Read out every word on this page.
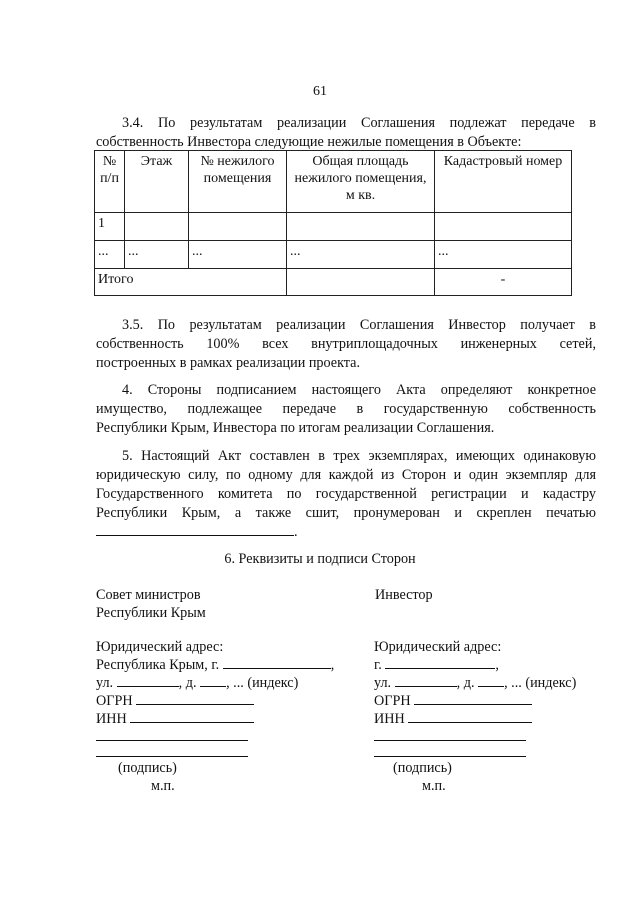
61
3.4. По результатам реализации Соглашения подлежат передаче в
собственность Инвестора следующие нежилые помещения в Объекте:
№ п/п	Этаж	№ нежилого помещения	Общая площадь нежилого помещения, м кв.	Кадастровый номер
1				
...	...	...	...	...
Итого				-
3.5. По результатам реализации Соглашения Инвестор получает в
собственность 100% всех внутриплощадочных инженерных сетей,
построенных в рамках реализации проекта.
4. Стороны подписанием настоящего Акта определяют конкретное
имущество, подлежащее передаче в государственную собственность
Республики Крым, Инвестора по итогам реализации Соглашения.
5. Настоящий Акт составлен в трех экземплярах, имеющих одинаковую
юридическую силу, по одному для каждой из Сторон и один экземпляр для
Государственного комитета по государственной регистрации и кадастру
Республики Крым, а также сшит, пронумерован и скреплен печатью
.
6. Реквизиты и подписи Сторон
Совет министров
Республики Крым
Юридический адрес:
Республика Крым, г.	,
ул.	, д. , ... (индекс)
ОГРН
ИНН
(подпись)
м.п.
Инвестор
Юридический адрес:
г.	,
ул.	, д. , ... (индекс)
ОГРН
ИНН
(подпись)
м.п.
